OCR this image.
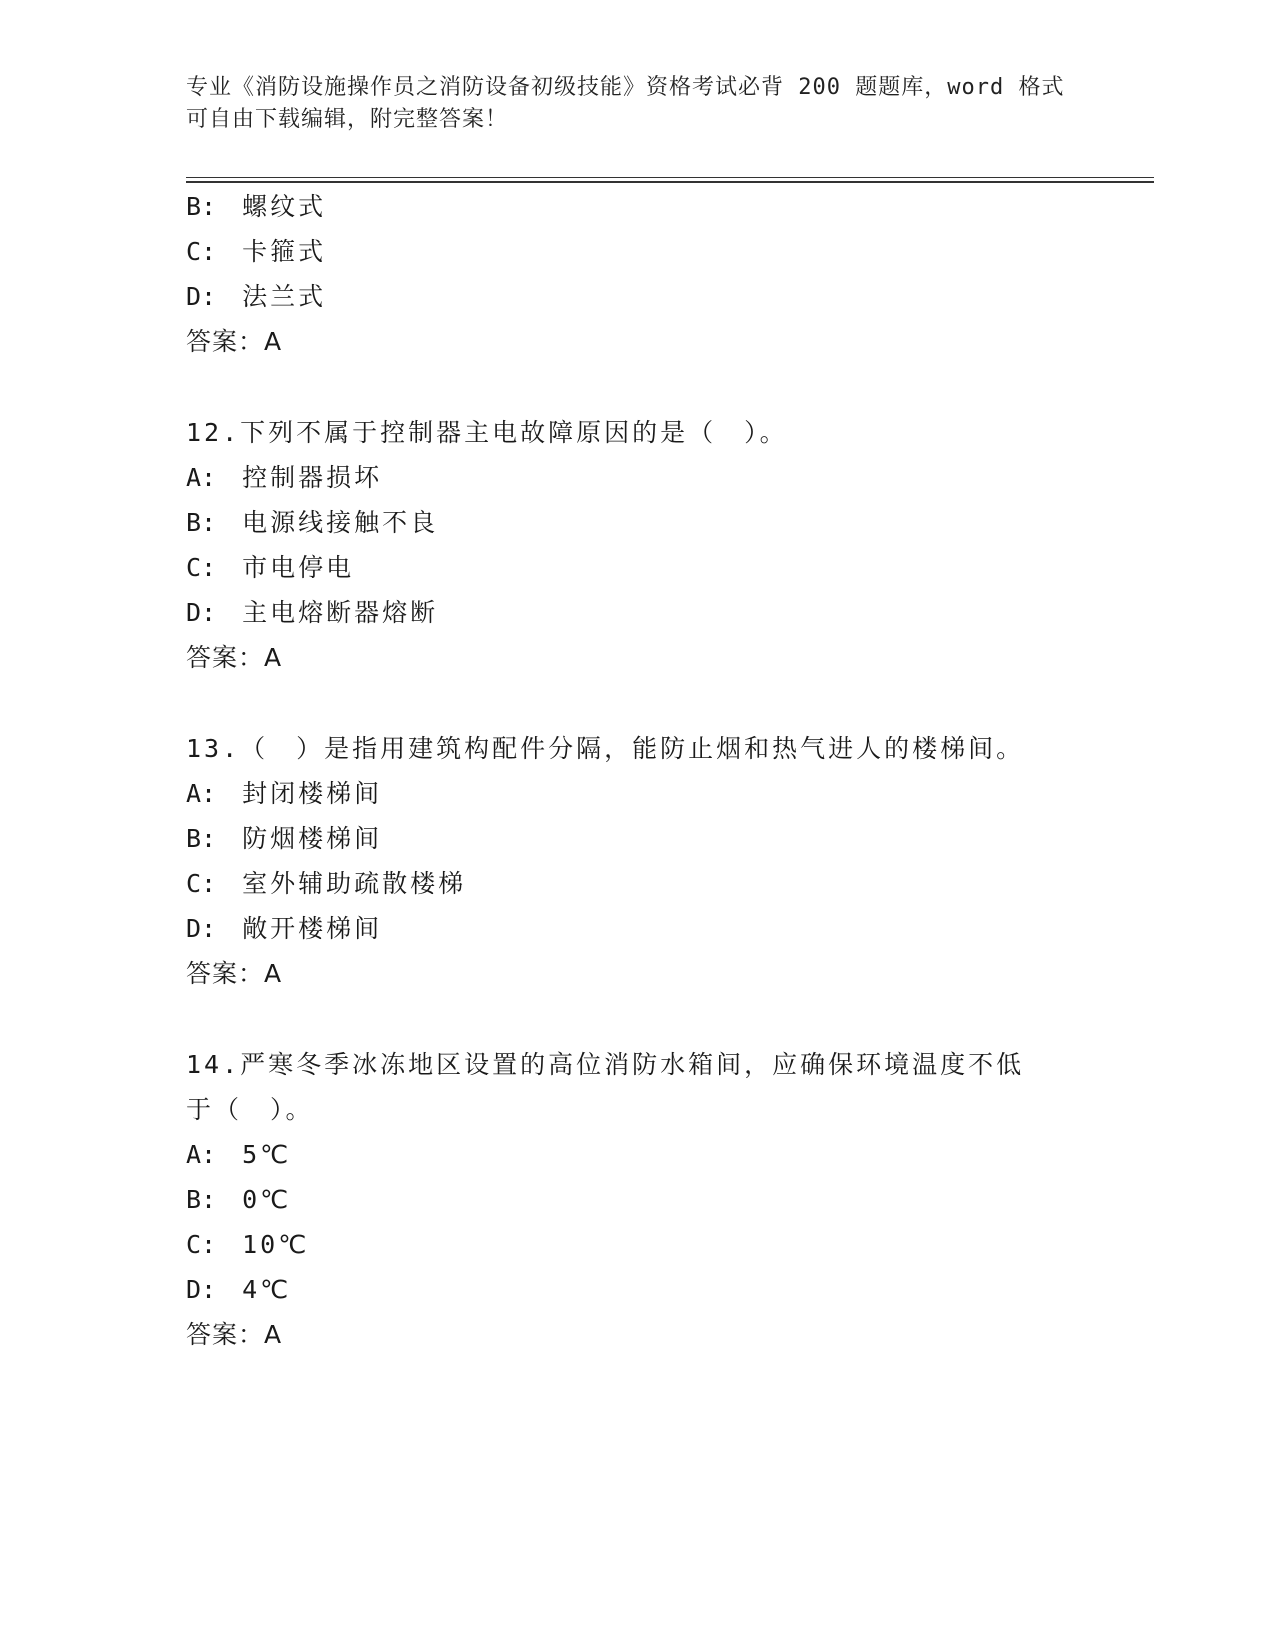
专业《消防设施操作员之消防设备初级技能》资格考试必背 200 题题库，word 格式可自由下载编辑，附完整答案！
B: 螺纹式
C: 卡箍式
D: 法兰式
答案：A
12.下列不属于控制器主电故障原因的是（　）。
A: 控制器损坏
B: 电源线接触不良
C: 市电停电
D: 主电熔断器熔断
答案：A
13.（　）是指用建筑构配件分隔，能防止烟和热气进人的楼梯间。
A: 封闭楼梯间
B: 防烟楼梯间
C: 室外辅助疏散楼梯
D: 敞开楼梯间
答案：A
14.严寒冬季冰冻地区设置的高位消防水箱间，应确保环境温度不低于（　）。
A: 5℃
B: 0℃
C: 10℃
D: 4℃
答案：A
